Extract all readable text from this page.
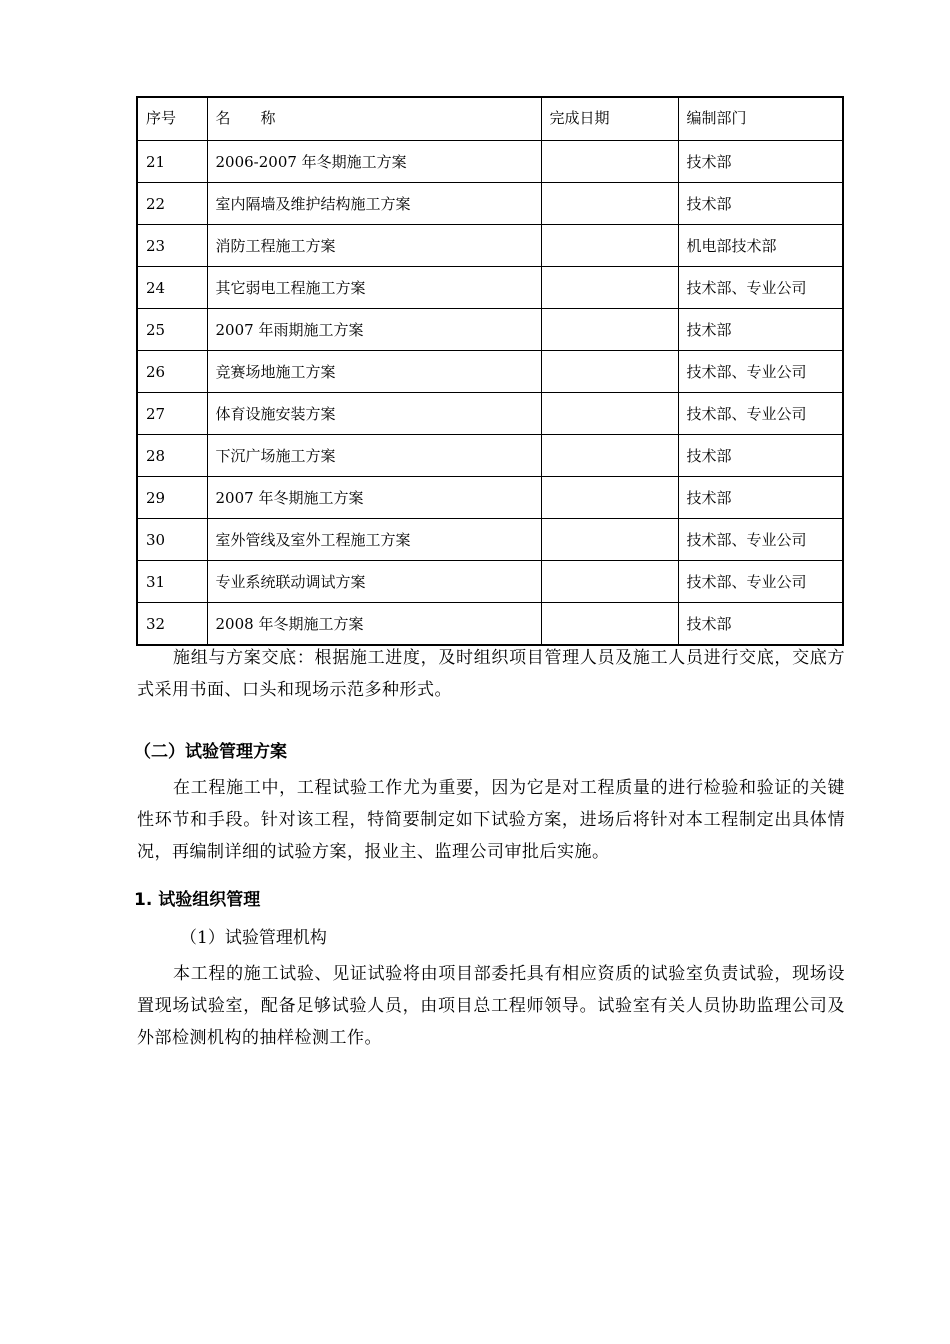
序号	名　　称	完成日期	编制部门
21	2006-2007 年冬期施工方案		技术部
22	室内隔墙及维护结构施工方案		技术部
23	消防工程施工方案		机电部技术部
24	其它弱电工程施工方案		技术部、专业公司
25	2007 年雨期施工方案		技术部
26	竞赛场地施工方案		技术部、专业公司
27	体育设施安装方案		技术部、专业公司
28	下沉广场施工方案		技术部
29	2007 年冬期施工方案		技术部
30	室外管线及室外工程施工方案		技术部、专业公司
31	专业系统联动调试方案		技术部、专业公司
32	2008 年冬期施工方案		技术部

施组与方案交底：根据施工进度，及时组织项目管理人员及施工人员进行交底，交底方式采用书面、口头和现场示范多种形式。

（二）试验管理方案

在工程施工中，工程试验工作尤为重要，因为它是对工程质量的进行检验和验证的关键性环节和手段。针对该工程，特简要制定如下试验方案，进场后将针对本工程制定出具体情况，再编制详细的试验方案，报业主、监理公司审批后实施。

1. 试验组织管理

（1）试验管理机构

本工程的施工试验、见证试验将由项目部委托具有相应资质的试验室负责试验，现场设置现场试验室，配备足够试验人员，由项目总工程师领导。试验室有关人员协助监理公司及外部检测机构的抽样检测工作。
